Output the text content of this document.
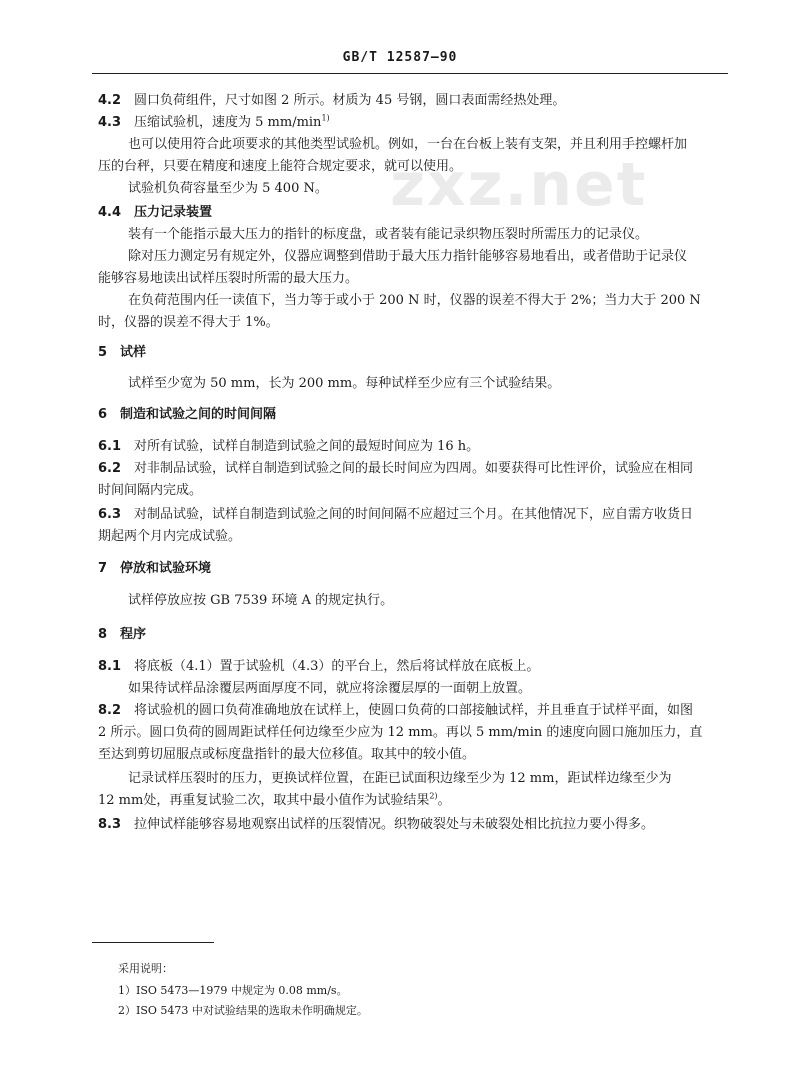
GB/T 12587—90
zxz.net
4.2 圆口负荷组件，尺寸如图 2 所示。材质为 45 号钢，圆口表面需经热处理。
4.3 压缩试验机，速度为 5 $mm/\min^{1)}$
也可以使用符合此项要求的其他类型试验机。例如，一台在台板上装有支架，并且利用手控螺杆加
压的台秤，只要在精度和速度上能符合规定要求，就可以使用。
试验机负荷容量至少为 5 400 N。
4.4 压力记录装置
装有一个能指示最大压力的指针的标度盘，或者装有能记录织物压裂时所需压力的记录仪。
除对压力测定另有规定外，仪器应调整到借助于最大压力指针能够容易地看出，或者借助于记录仪
能够容易地读出试样压裂时所需的最大压力。
在负荷范围内任一读值下，当力等于或小于 200 N 时，仪器的误差不得大于 2%；当力大于 200 N
时，仪器的误差不得大于 1%。
5 试样
试样至少宽为 50 mm，长为 200 mm。每种试样至少应有三个试验结果。
6 制造和试验之间的时间间隔
6.1 对所有试验，试样自制造到试验之间的最短时间应为 16 h。
6.2 对非制品试验，试样自制造到试验之间的最长时间应为四周。如要获得可比性评价，试验应在相同
时间间隔内完成。
6.3 对制品试验，试样自制造到试验之间的时间间隔不应超过三个月。在其他情况下，应自需方收货日
期起两个月内完成试验。
7 停放和试验环境
试样停放应按 GB 7539 环境 A 的规定执行。
8 程序
8.1 将底板（4.1）置于试验机（4.3）的平台上，然后将试样放在底板上。
如果待试样品涂覆层两面厚度不同，就应将涂覆层厚的一面朝上放置。
8.2 将试验机的圆口负荷准确地放在试样上，使圆口负荷的口部接触试样，并且垂直于试样平面，如图
2 所示。圆口负荷的圆周距试样任何边缘至少应为 12 mm。再以 5 mm/min 的速度向圆口施加压力，直
至达到剪切屈服点或标度盘指针的最大位移值。取其中的较小值。
记录试样压裂时的压力，更换试样位置，在距已试面积边缘至少为 12 mm，距试样边缘至少为
12 mm处，再重复试验二次，取其中最小值作为试验结果$^{2)}$。
8.3 拉伸试样能够容易地观察出试样的压裂情况。织物破裂处与未破裂处相比抗拉力要小得多。
采用说明：
1）ISO 5473—1979 中规定为 0.08 mm/s。
2）ISO 5473 中对试验结果的选取未作明确规定。
